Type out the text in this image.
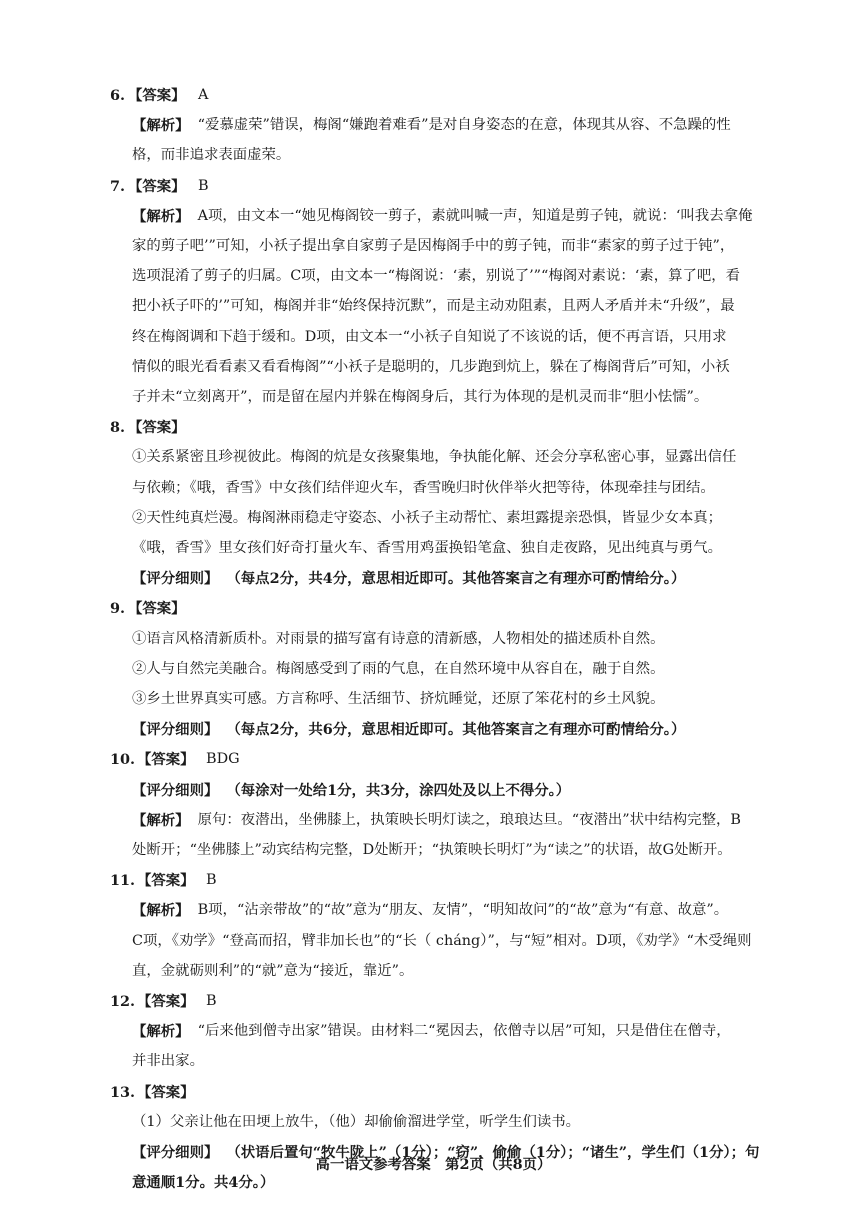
6. 【答案】 A
【解析】 “爱慕虚荣”错误，梅阁“嫌跑着难看”是对自身姿态的在意，体现其从容、不急躁的性
格，而非追求表面虚荣。
7. 【答案】 B
【解析】 A项，由文本一“她见梅阁铰一剪子，素就叫喊一声，知道是剪子钝，就说：‘叫我去拿俺
家的剪子吧’”可知，小袄子提出拿自家剪子是因梅阁手中的剪子钝，而非“素家的剪子过于钝”，
选项混淆了剪子的归属。C项，由文本一“梅阁说：‘素，别说了’”“梅阁对素说：‘素，算了吧，看
把小袄子吓的’”可知，梅阁并非“始终保持沉默”，而是主动劝阻素，且两人矛盾并未“升级”，最
终在梅阁调和下趋于缓和。D项，由文本一“小袄子自知说了不该说的话，便不再言语，只用求
情似的眼光看看素又看看梅阁”“小袄子是聪明的，几步跑到炕上，躲在了梅阁背后”可知，小袄
子并未“立刻离开”，而是留在屋内并躲在梅阁身后，其行为体现的是机灵而非“胆小怯懦”。
8. 【答案】
①关系紧密且珍视彼此。梅阁的炕是女孩聚集地，争执能化解、还会分享私密心事，显露出信任
与依赖；《哦，香雪》中女孩们结伴迎火车，香雪晚归时伙伴举火把等待，体现牵挂与团结。
②天性纯真烂漫。梅阁淋雨稳走守姿态、小袄子主动帮忙、素坦露提亲恐惧，皆显少女本真；
《哦，香雪》里女孩们好奇打量火车、香雪用鸡蛋换铅笔盒、独自走夜路，见出纯真与勇气。
【评分细则】 （每点2分，共4分，意思相近即可。其他答案言之有理亦可酌情给分。）
9. 【答案】
①语言风格清新质朴。对雨景的描写富有诗意的清新感，人物相处的描述质朴自然。
②人与自然完美融合。梅阁感受到了雨的气息，在自然环境中从容自在，融于自然。
③乡土世界真实可感。方言称呼、生活细节、挤炕睡觉，还原了笨花村的乡土风貌。
【评分细则】 （每点2分，共6分，意思相近即可。其他答案言之有理亦可酌情给分。）
10. 【答案】 BDG
【评分细则】 （每涂对一处给1分，共3分，涂四处及以上不得分。）
【解析】 原句：夜潜出，坐佛膝上，执策映长明灯读之，琅琅达旦。“夜潜出”状中结构完整，B
处断开；“坐佛膝上”动宾结构完整，D处断开；“执策映长明灯”为“读之”的状语，故G处断开。
11. 【答案】 B
【解析】 B项，“沾亲带故”的“故”意为“朋友、友情”，“明知故问”的“故”意为“有意、故意”。
C项，《劝学》“登高而招，臂非加长也”的“长（ cháng）”，与“短”相对。D项，《劝学》“木受绳则
直，金就砺则利”的“就”意为“接近，靠近”。
12. 【答案】 B
【解析】 “后来他到僧寺出家”错误。由材料二“冕因去，依僧寺以居”可知，只是借住在僧寺，
并非出家。
13. 【答案】
（1）父亲让他在田埂上放牛，（他）却偷偷溜进学堂，听学生们读书。
【评分细则】 （状语后置句“牧牛陇上”（1分）；“窃”，偷偷（1分）；“诸生”，学生们（1分）；句
意通顺1分。共4分。）
高一语文参考答案　第2页（共8页）
